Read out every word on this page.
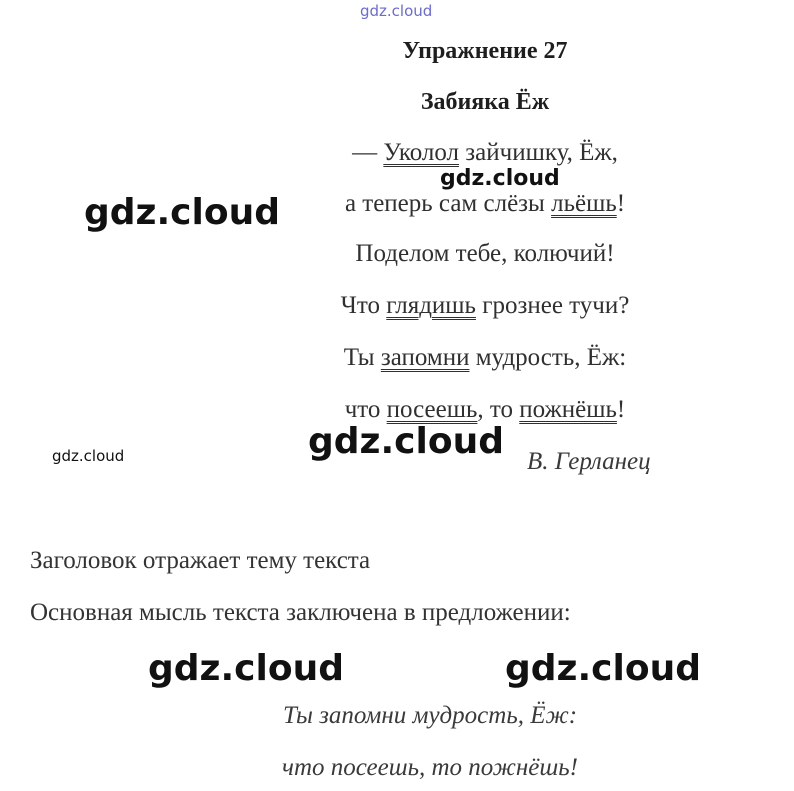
gdz.cloud
Упражнение 27
Забияка Ёж
— Уколол зайчишку, Ёж,
gdz.cloud
а теперь сам слёзы льёшь!
gdz.cloud
Поделом тебе, колючий!
Что глядишь грознее тучи?
Ты запомни мудрость, Ёж:
что посеешь, то пожнёшь!
gdz.cloud
gdz.cloud	В. Герланец
Заголовок отражает тему текста
Основная мысль текста заключена в предложении:
gdz.cloud	gdz.cloud
Ты запомни мудрость, Ёж:
что посеешь, то пожнёшь!
